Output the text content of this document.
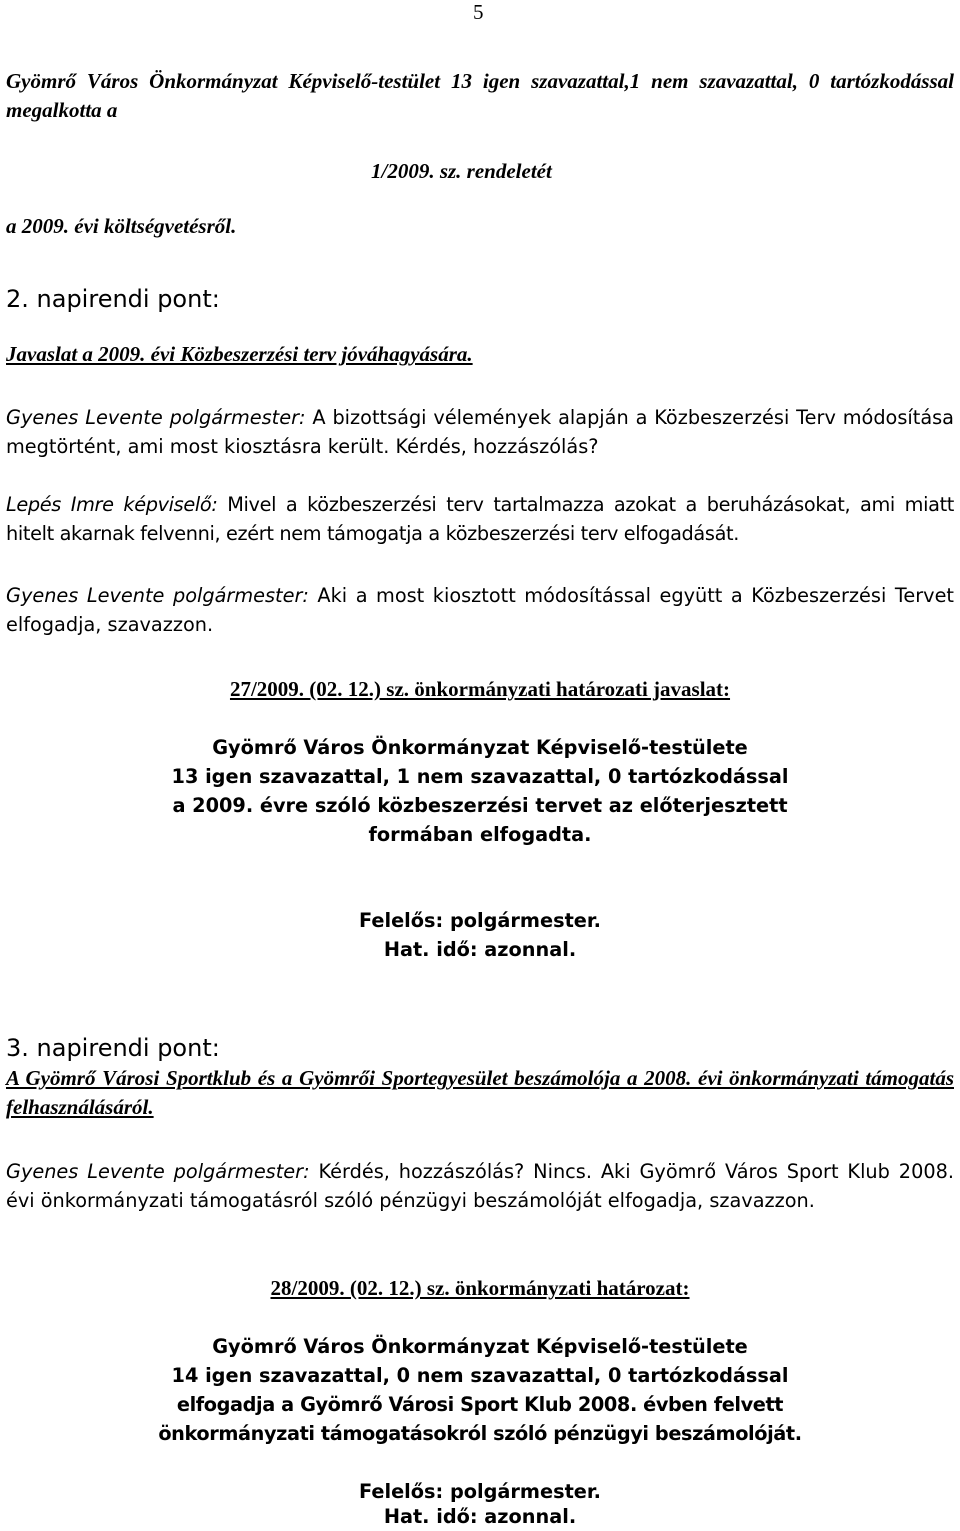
5

Gyömrő Város Önkormányzat Képviselő-testület 13 igen szavazattal,1 nem szavazattal, 0 tartózkodással megalkotta a

1/2009. sz. rendeletét

a 2009. évi költségvetésről.

2. napirendi pont:

Javaslat a 2009. évi Közbeszerzési terv jóváhagyására.

Gyenes Levente polgármester: A bizottsági vélemények alapján a Közbeszerzési Terv módosítása megtörtént, ami most kiosztásra került. Kérdés, hozzászólás?

Lepés Imre képviselő: Mivel a közbeszerzési terv tartalmazza azokat a beruházásokat, ami miatt hitelt akarnak felvenni, ezért nem támogatja a közbeszerzési terv elfogadását.

Gyenes Levente polgármester: Aki a most kiosztott módosítással együtt a Közbeszerzési Tervet elfogadja, szavazzon.

27/2009. (02. 12.) sz. önkormányzati határozati javaslat:

Gyömrő Város Önkormányzat Képviselő-testülete

13 igen szavazattal, 1 nem szavazattal, 0 tartózkodással

a 2009. évre szóló közbeszerzési tervet az előterjesztett

formában elfogadta.

Felelős: polgármester.

Hat. idő: azonnal.

3. napirendi pont:

A Gyömrő Városi Sportklub és a Gyömrői Sportegyesület beszámolója a 2008. évi önkormányzati támogatás felhasználásáról.

Gyenes Levente polgármester: Kérdés, hozzászólás? Nincs. Aki Gyömrő Város Sport Klub 2008. évi önkormányzati támogatásról szóló pénzügyi beszámolóját elfogadja, szavazzon.

28/2009. (02. 12.) sz. önkormányzati határozat:

Gyömrő Város Önkormányzat Képviselő-testülete

14 igen szavazattal, 0 nem szavazattal, 0 tartózkodással

elfogadja a Gyömrő Városi Sport Klub 2008. évben felvett

önkormányzati támogatásokról szóló pénzügyi beszámolóját.

Felelős: polgármester.

Hat. idő: azonnal.
